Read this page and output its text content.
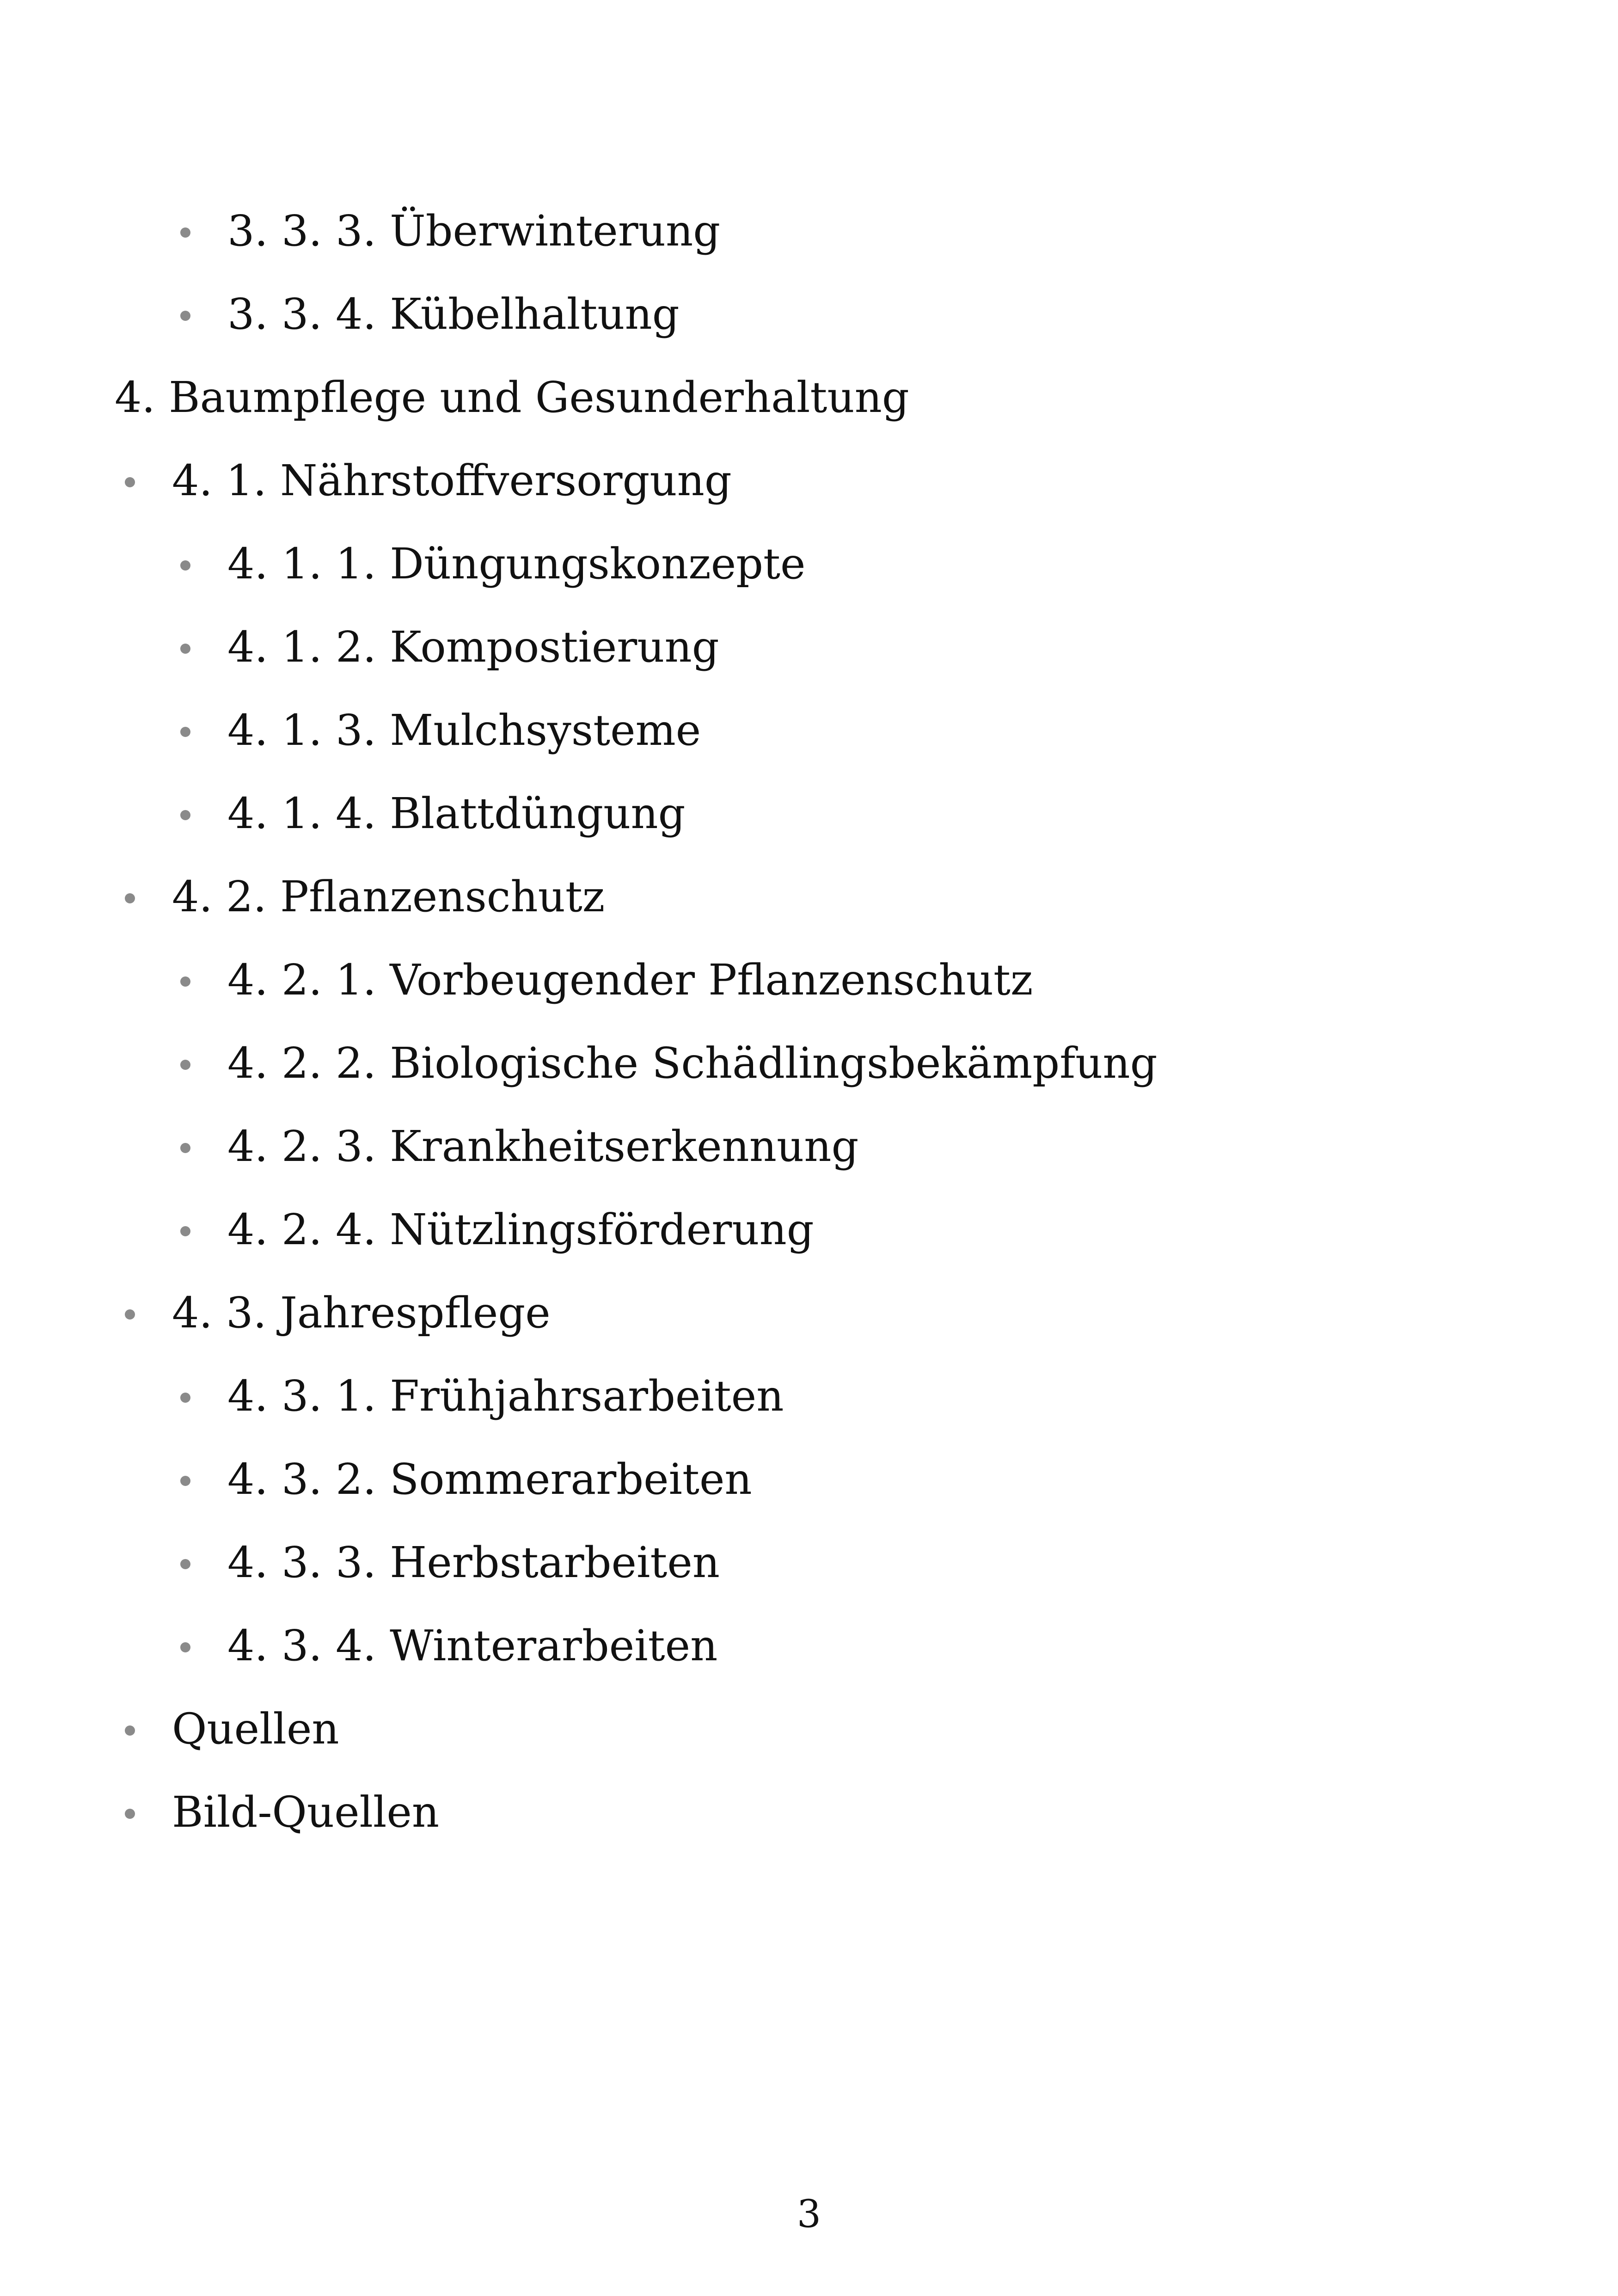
3. 3. 3. Überwinterung
3. 3. 4. Kübelhaltung
4. Baumpflege und Gesunderhaltung
4. 1. Nährstoffversorgung
4. 1. 1. Düngungskonzepte
4. 1. 2. Kompostierung
4. 1. 3. Mulchsysteme
4. 1. 4. Blattdüngung
4. 2. Pflanzenschutz
4. 2. 1. Vorbeugender Pflanzenschutz
4. 2. 2. Biologische Schädlingsbekämpfung
4. 2. 3. Krankheitserkennung
4. 2. 4. Nützlingsförderung
4. 3. Jahrespflege
4. 3. 1. Frühjahrsarbeiten
4. 3. 2. Sommerarbeiten
4. 3. 3. Herbstarbeiten
4. 3. 4. Winterarbeiten
Quellen
Bild-Quellen
3
